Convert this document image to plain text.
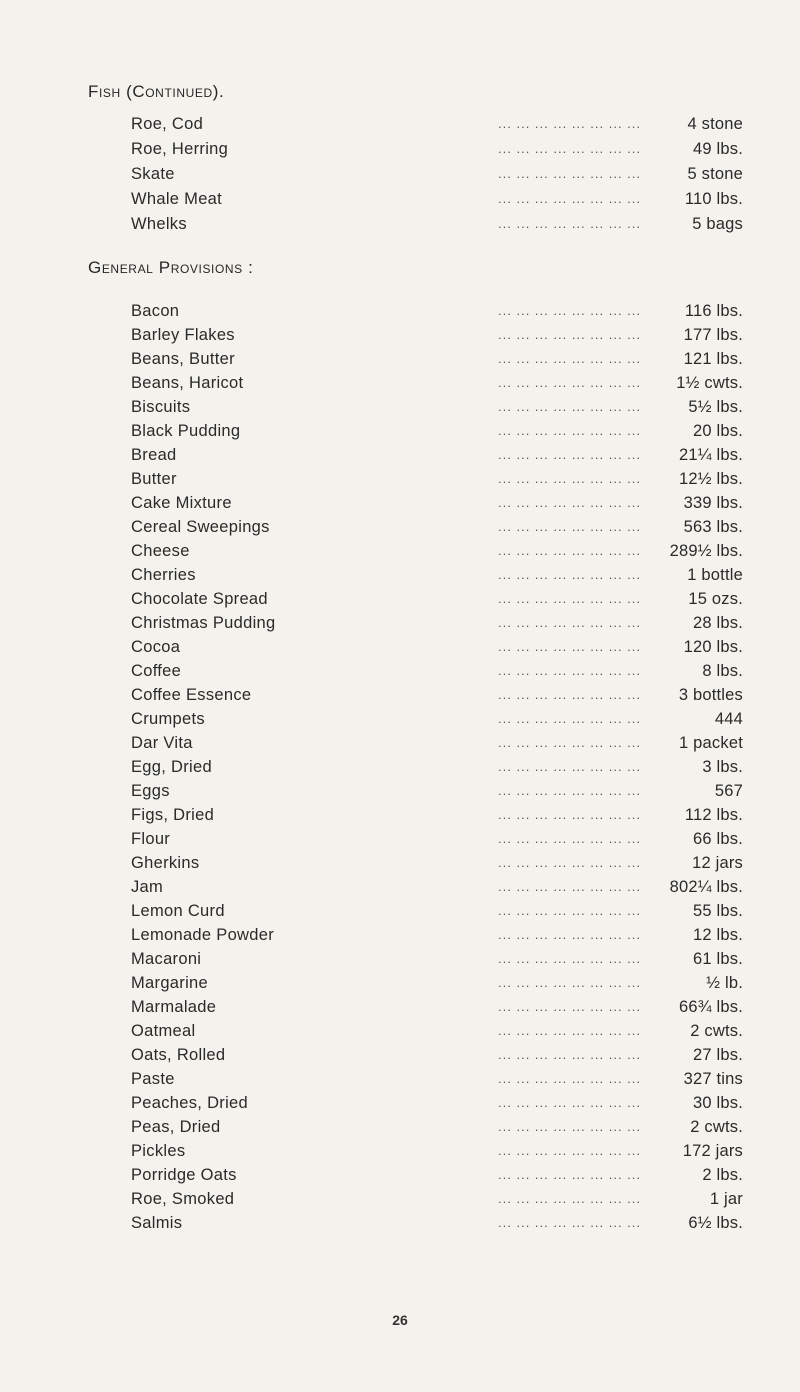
Fish (Continued).
Roe, Cod	... ... ... ... ... ... ... ...	4 stone
Roe, Herring	... ... ... ... ... ... ... ...	49 lbs.
Skate	... ... ... ... ... ... ... ...	5 stone
Whale Meat	... ... ... ... ... ... ... ...	110 lbs.
Whelks	... ... ... ... ... ... ... ...	5 bags
General Provisions :
Bacon	... ... ... ... ... ... ... ...	116 lbs.
Barley Flakes	... ... ... ... ... ... ... ...	177 lbs.
Beans, Butter	... ... ... ... ... ... ... ...	121 lbs.
Beans, Haricot	... ... ... ... ... ... ... ... 1½ cwts.
Biscuits	... ... ... ... ... ... ... ...	5½ lbs.
Black Pudding	... ... ... ... ... ... ... ...	20 lbs.
Bread	... ... ... ... ... ... ... ... 21¼ lbs.
Butter	... ... ... ... ... ... ... ... 12½ lbs.
Cake Mixture	... ... ... ... ... ... ... ...	339 lbs.
Cereal Sweepings	... ... ... ... ... ... ... ...	563 lbs.
Cheese	... ... ... ... ... ... ... ... 289½ lbs.
Cherries	... ... ... ... ... ... ... ...	1 bottle
Chocolate Spread	... ... ... ... ... ... ... ...	15 ozs.
Christmas Pudding	... ... ... ... ... ... ... ...	28 lbs.
Cocoa	... ... ... ... ... ... ... ...	120 lbs.
Coffee	... ... ... ... ... ... ... ...	8 lbs.
Coffee Essence	... ... ... ... ... ... ... ... 3 bottles
Crumpets	... ... ... ... ... ... ... ...	444
Dar Vita	... ... ... ... ... ... ... ... 1 packet
Egg, Dried	... ... ... ... ... ... ... ...	3 lbs.
Eggs	... ... ... ... ... ... ... ...	567
Figs, Dried	... ... ... ... ... ... ... ...	112 lbs.
Flour	... ... ... ... ... ... ... ...	66 lbs.
Gherkins	... ... ... ... ... ... ... ...	12 jars
Jam	... ... ... ... ... ... ... ... 802¼ lbs.
Lemon Curd	... ... ... ... ... ... ... ...	55 lbs.
Lemonade Powder	... ... ... ... ... ... ... ...	12 lbs.
Macaroni	... ... ... ... ... ... ... ...	61 lbs.
Margarine	... ... ... ... ... ... ... ...	½ lb.
Marmalade	... ... ... ... ... ... ... ... 66¾ lbs.
Oatmeal	... ... ... ... ... ... ... ...	2 cwts.
Oats, Rolled	... ... ... ... ... ... ... ...	27 lbs.
Paste	... ... ... ... ... ... ... ...	327 tins
Peaches, Dried	... ... ... ... ... ... ... ...	30 lbs.
Peas, Dried	... ... ... ... ... ... ... ...	2 cwts.
Pickles	... ... ... ... ... ... ... ...	172 jars
Porridge Oats	... ... ... ... ... ... ... ...	2 lbs.
Roe, Smoked	... ... ... ... ... ... ... ...	1 jar
Salmis	... ... ... ... ... ... ... ...	6½ lbs.
26
